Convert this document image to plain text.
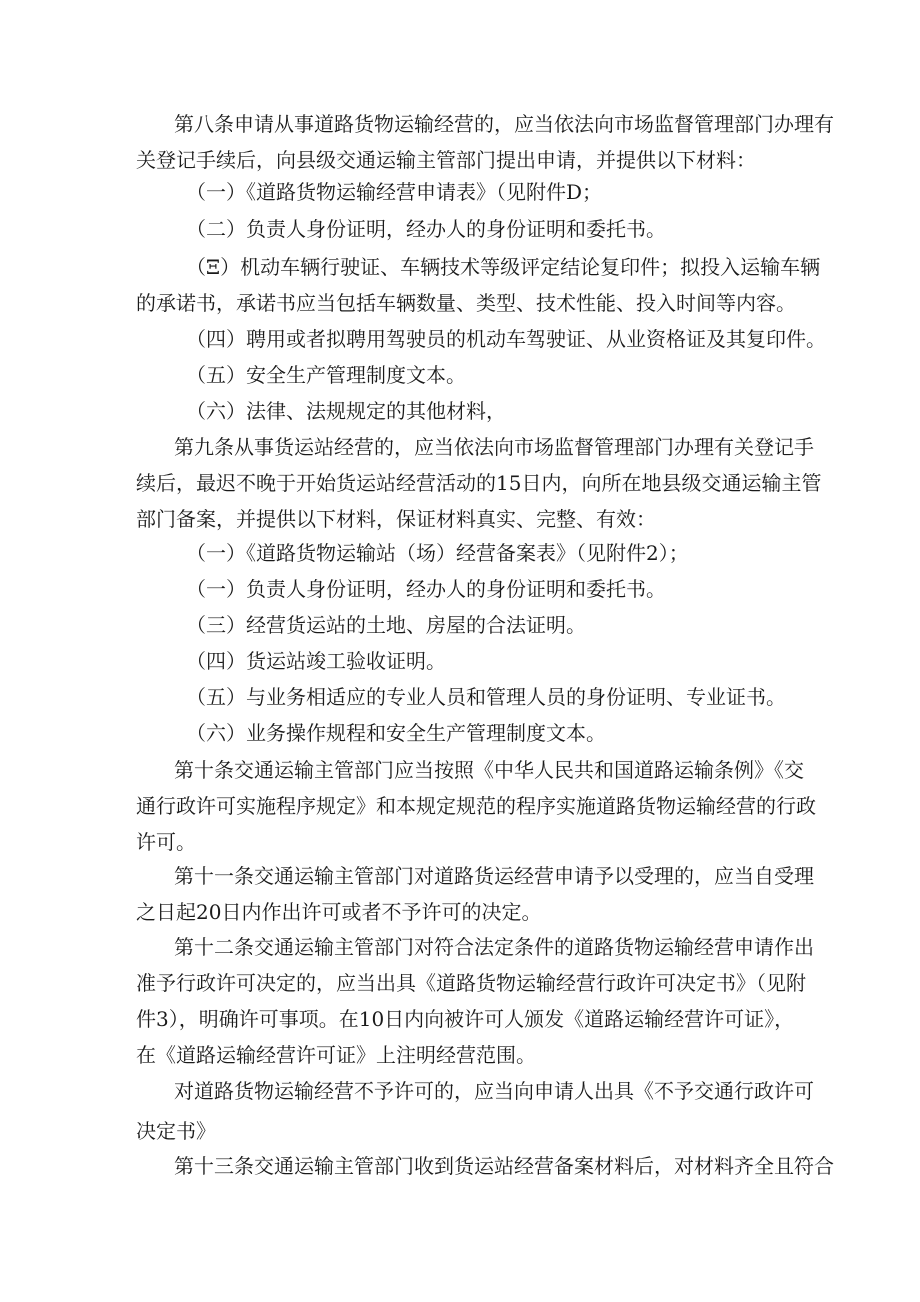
第八条申请从事道路货物运输经营的，应当依法向市场监督管理部门办理有
关登记手续后，向县级交通运输主管部门提出申请，并提供以下材料：

（一）《道路货物运输经营申请表》（见附件D；

（二）负责人身份证明，经办人的身份证明和委托书。

（Ξ）机动车辆行驶证、车辆技术等级评定结论复印件；拟投入运输车辆

的承诺书，承诺书应当包括车辆数量、类型、技术性能、投入时间等内容。

（四）聘用或者拟聘用驾驶员的机动车驾驶证、从业资格证及其复印件。

（五）安全生产管理制度文本。

（六）法律、法规规定的其他材料，

第九条从事货运站经营的，应当依法向市场监督管理部门办理有关登记手
续后，最迟不晚于开始货运站经营活动的15日内，向所在地县级交通运输主管
部门备案，并提供以下材料，保证材料真实、完整、有效：

（一）《道路货物运输站（场）经营备案表》（见附件2）；

（一）负责人身份证明，经办人的身份证明和委托书。

（三）经营货运站的土地、房屋的合法证明。

（四）货运站竣工验收证明。

（五）与业务相适应的专业人员和管理人员的身份证明、专业证书。

（六）业务操作规程和安全生产管理制度文本。

第十条交通运输主管部门应当按照《中华人民共和国道路运输条例》《交
通行政许可实施程序规定》和本规定规范的程序实施道路货物运输经营的行政
许可。

第十一条交通运输主管部门对道路货运经营申请予以受理的，应当自受理
之日起20日内作出许可或者不予许可的决定。

第十二条交通运输主管部门对符合法定条件的道路货物运输经营申请作出
准予行政许可决定的，应当出具《道路货物运输经营行政许可决定书》（见附
件3），明确许可事项。在10日内向被许可人颁发《道路运输经营许可证》，
在《道路运输经营许可证》上注明经营范围。

对道路货物运输经营不予许可的，应当向申请人出具《不予交通行政许可
决定书》

第十三条交通运输主管部门收到货运站经营备案材料后，对材料齐全且符合
